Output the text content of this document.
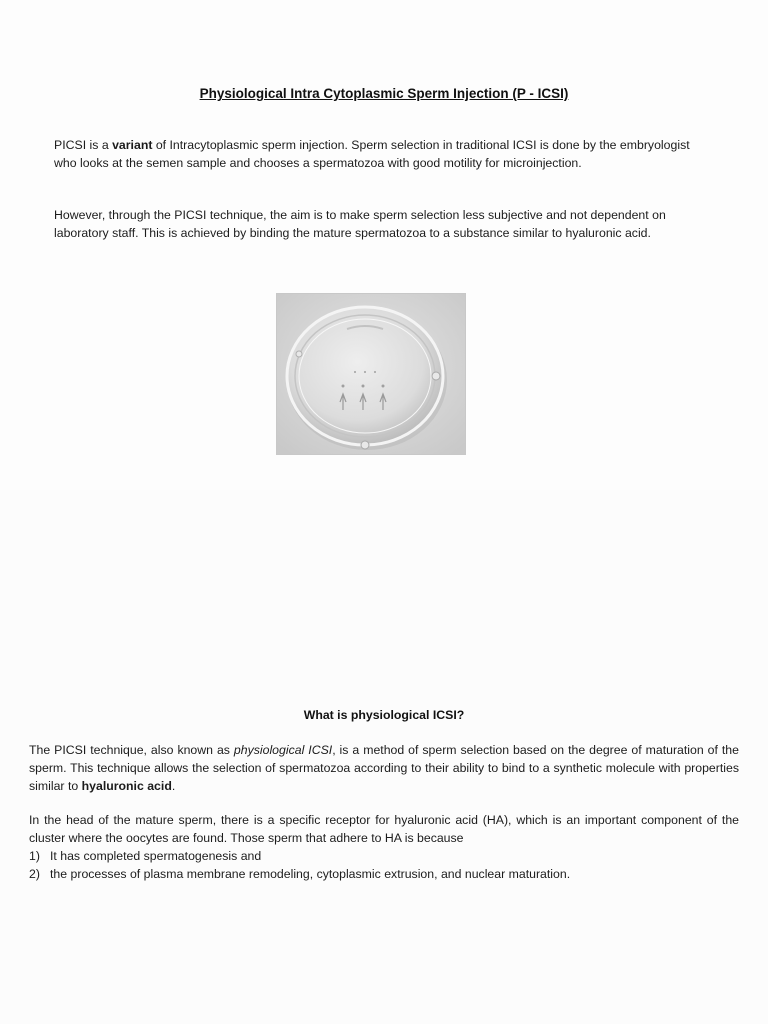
Physiological Intra Cytoplasmic Sperm Injection (P - ICSI)
PICSI is a variant of Intracytoplasmic sperm injection. Sperm selection in traditional ICSI is done by the embryologist who looks at the semen sample and chooses a spermatozoa with good motility for microinjection.
However, through the PICSI technique, the aim is to make sperm selection less subjective and not dependent on laboratory staff. This is achieved by binding the mature spermatozoa to a substance similar to hyaluronic acid.
What is physiological ICSI?
The PICSI technique, also known as physiological ICSI, is a method of sperm selection based on the degree of maturation of the sperm. This technique allows the selection of spermatozoa according to their ability to bind to a synthetic molecule with properties similar to hyaluronic acid.
In the head of the mature sperm, there is a specific receptor for hyaluronic acid (HA), which is an important component of the cluster where the oocytes are found. Those sperm that adhere to HA is because
1) It has completed spermatogenesis and
2) the processes of plasma membrane remodeling, cytoplasmic extrusion, and nuclear maturation.
